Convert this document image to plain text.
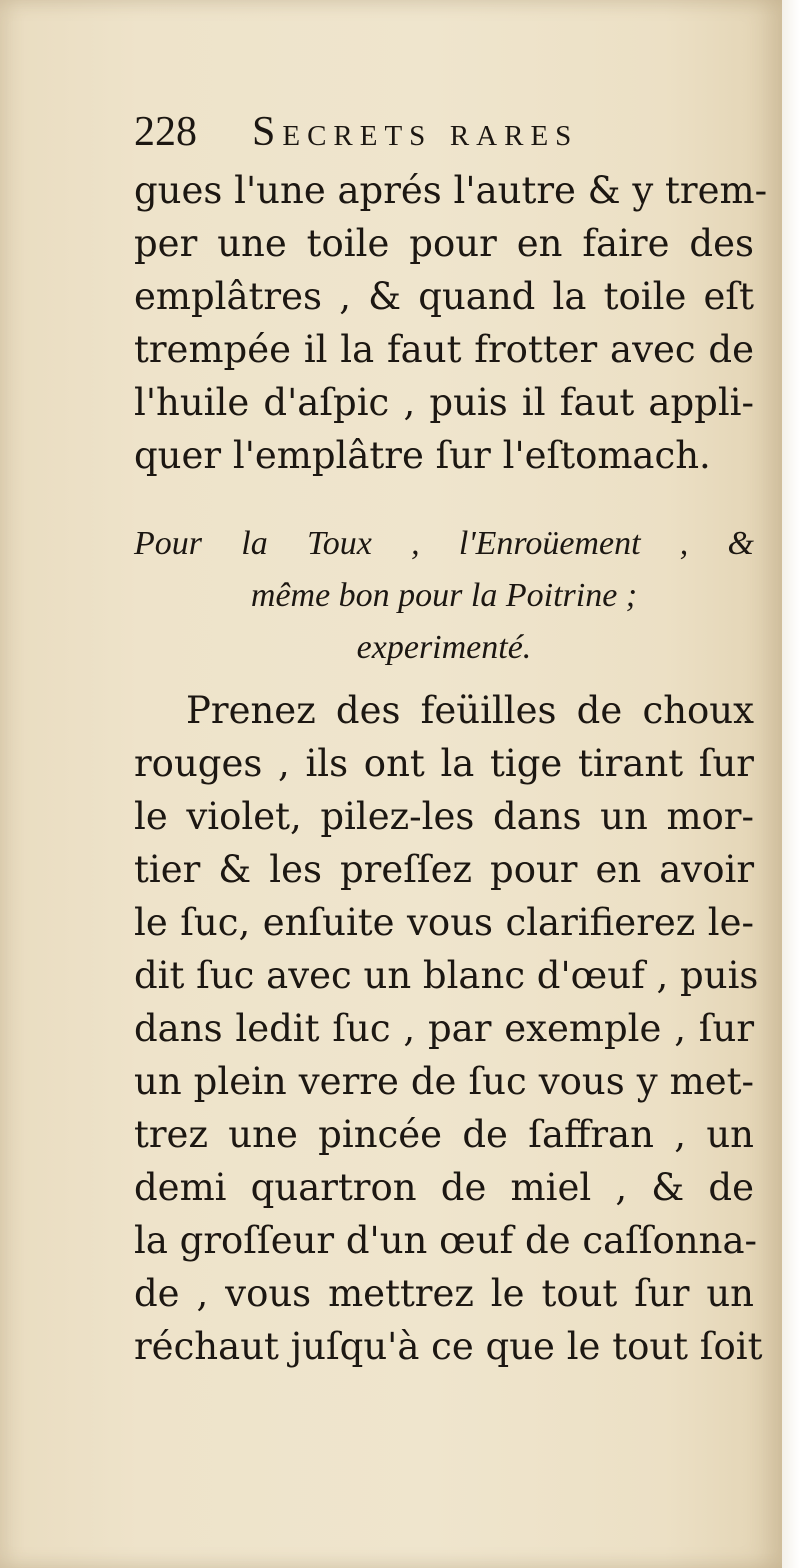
228 Secrets rares
gues l'une aprés l'autre & y trem-
per une toile pour en faire des
emplâtres , & quand la toile eſt
trempée il la faut frotter avec de
l'huile d'aſpic , puis il faut appli-
quer l'emplâtre ſur l'eſtomach.
Pour la Toux , l'Enroüement , &
même bon pour la Poitrine ;
experimenté.
Prenez des feüilles de choux
rouges , ils ont la tige tirant ſur
le violet, pilez-les dans un mor-
tier & les preſſez pour en avoir
le ſuc, enſuite vous clarifierez le-
dit ſuc avec un blanc d'œuf , puis
dans ledit ſuc , par exemple , ſur
un plein verre de ſuc vous y met-
trez une pincée de ſaffran , un
demi quartron de miel , & de
la groſſeur d'un œuf de caſſonna-
de , vous mettrez le tout ſur un
réchaut juſqu'à ce que le tout ſoit
